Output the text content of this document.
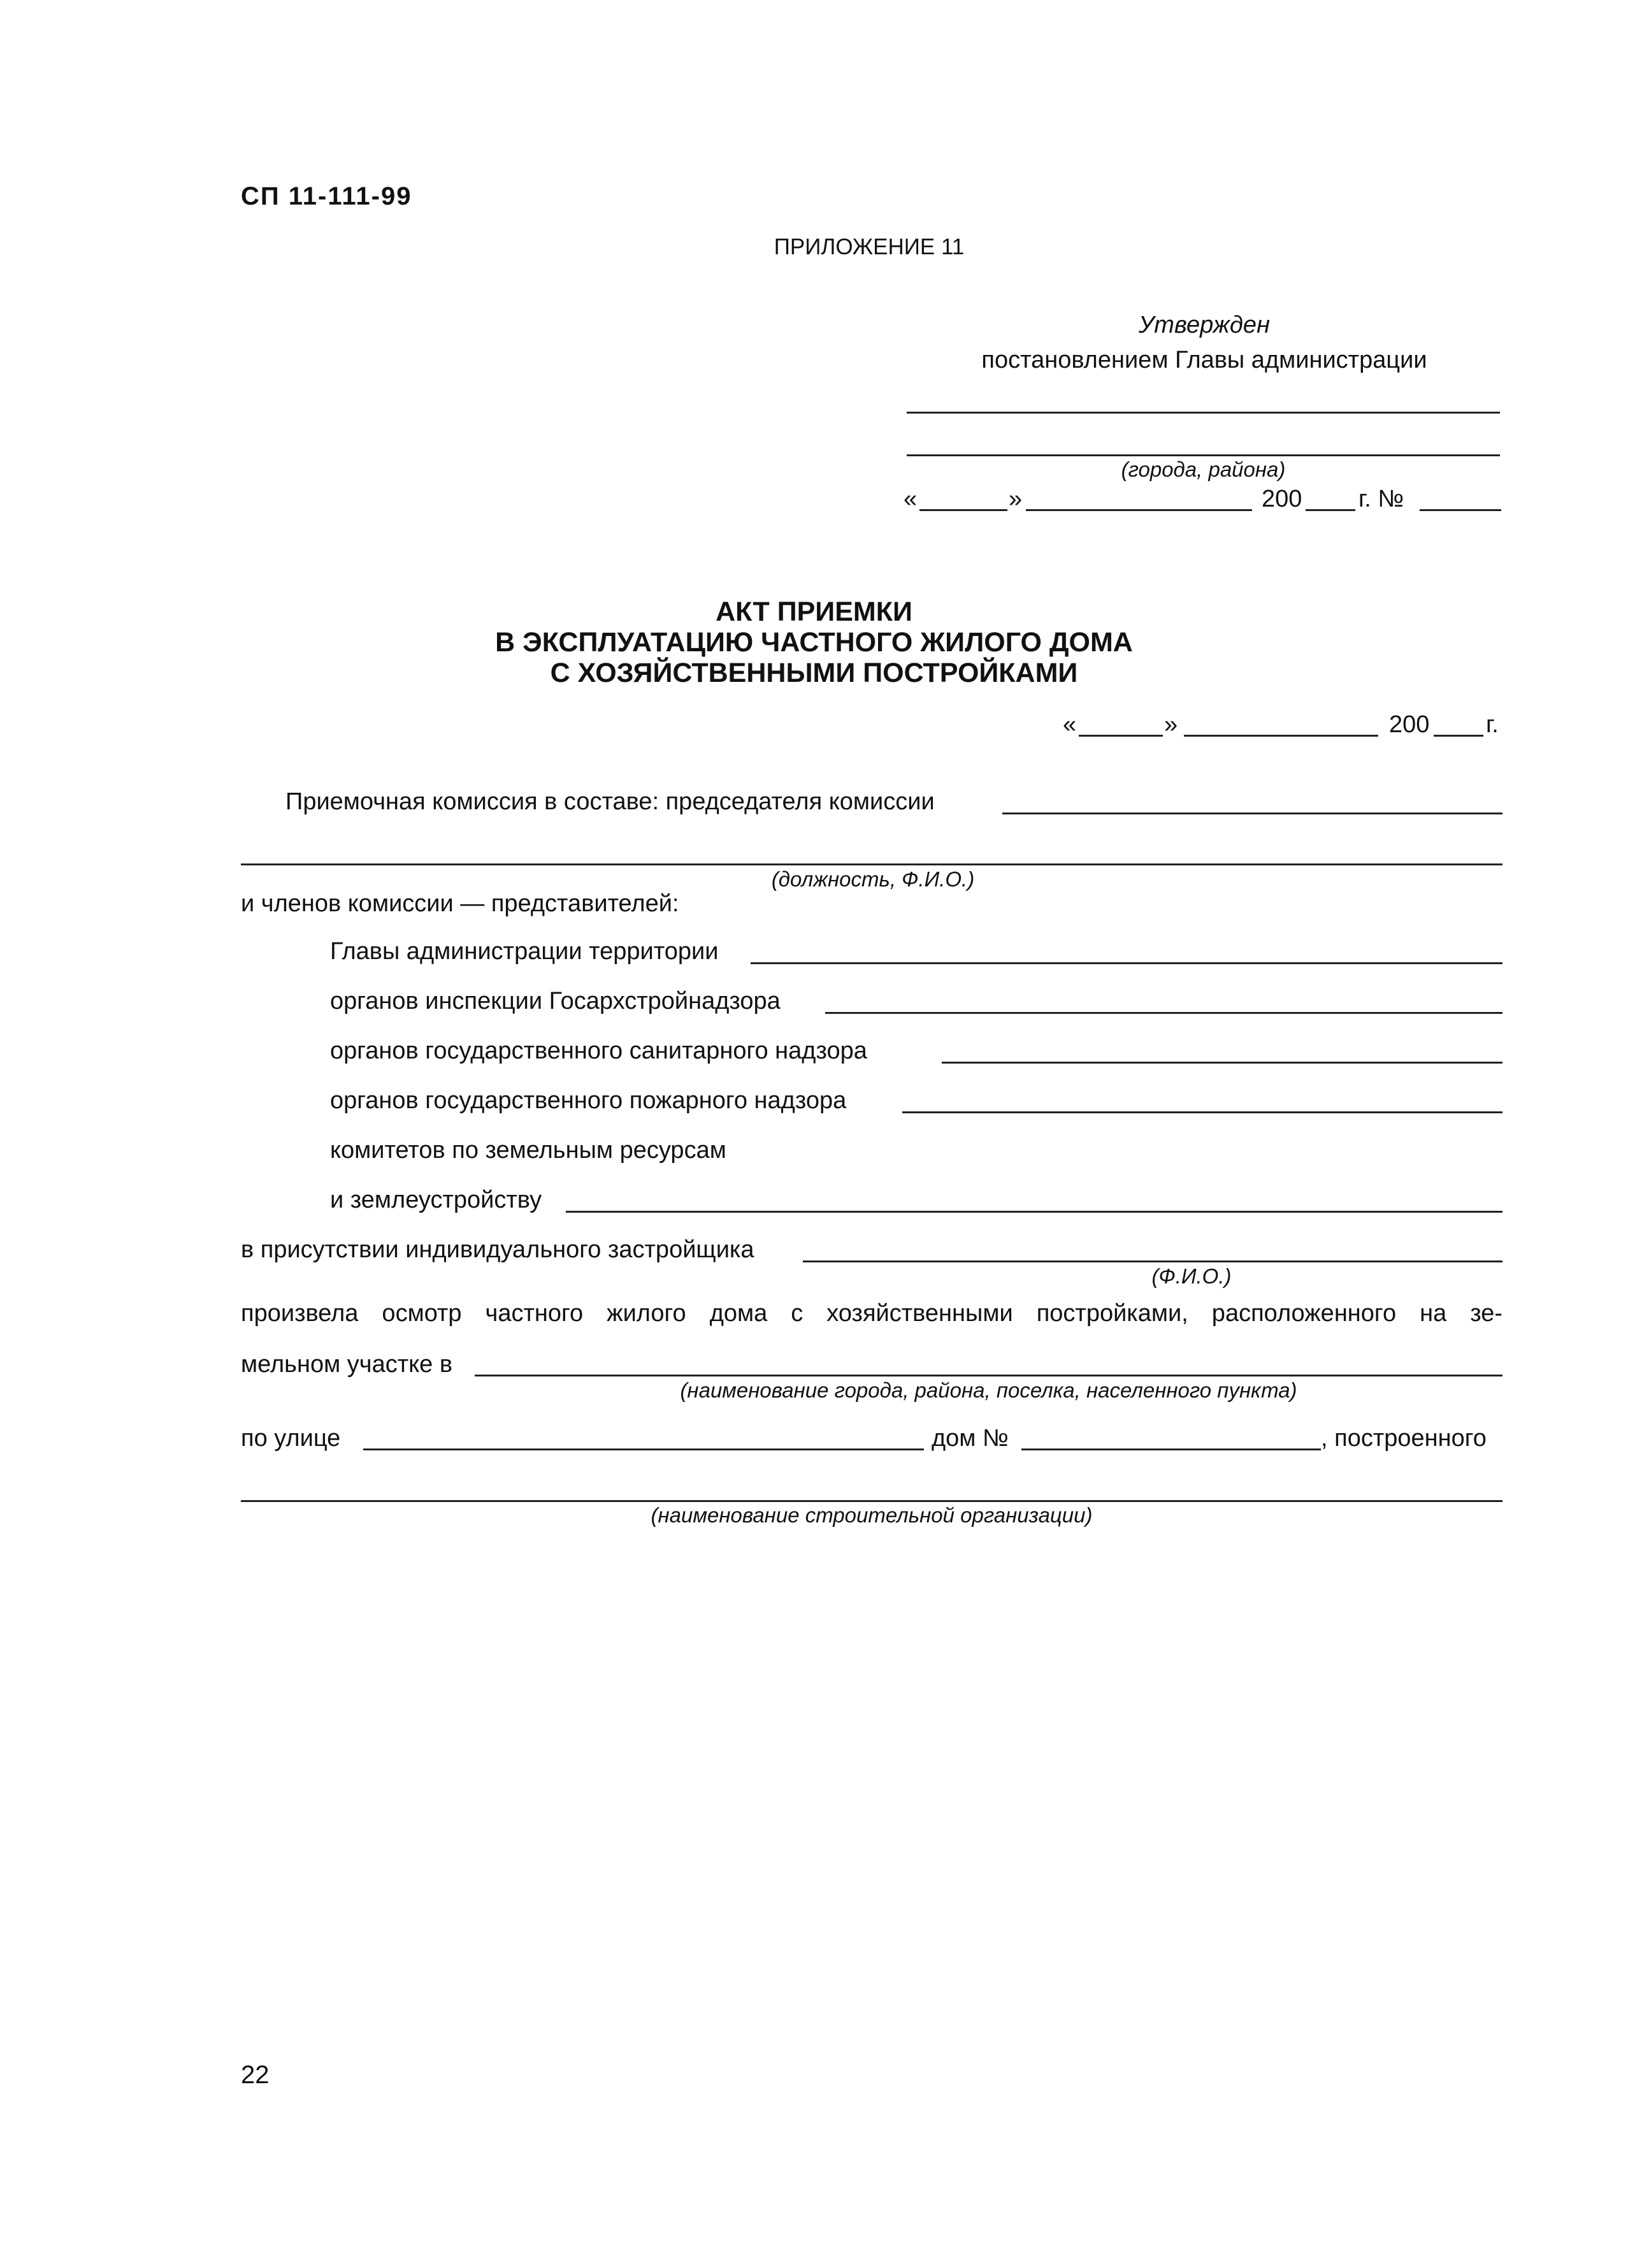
СП 11-111-99
ПРИЛОЖЕНИЕ 11
Утвержден
постановлением Главы администрации
(города, района)
«	»	200 г. №
АКТ ПРИЕМКИ
В ЭКСПЛУАТАЦИЮ ЧАСТНОГО ЖИЛОГО ДОМА
С ХОЗЯЙСТВЕННЫМИ ПОСТРОЙКАМИ
«	»	200 г.
Приемочная комиссия в составе: председателя комиссии
(должность, Ф.И.О.)
и членов комиссии — представителей:
Главы администрации территории
органов инспекции Госархстройнадзора
органов государственного санитарного надзора
органов государственного пожарного надзора
комитетов по земельным ресурсам
и землеустройству
в присутствии индивидуального застройщика
(Ф.И.О.)
произвела осмотр частного жилого дома с хозяйственными постройками, расположенного на зе-
мельном участке в
(наименование города, района, поселка, населенного пункта)
по улице	дом №	, построенного
(наименование строительной организации)
22
